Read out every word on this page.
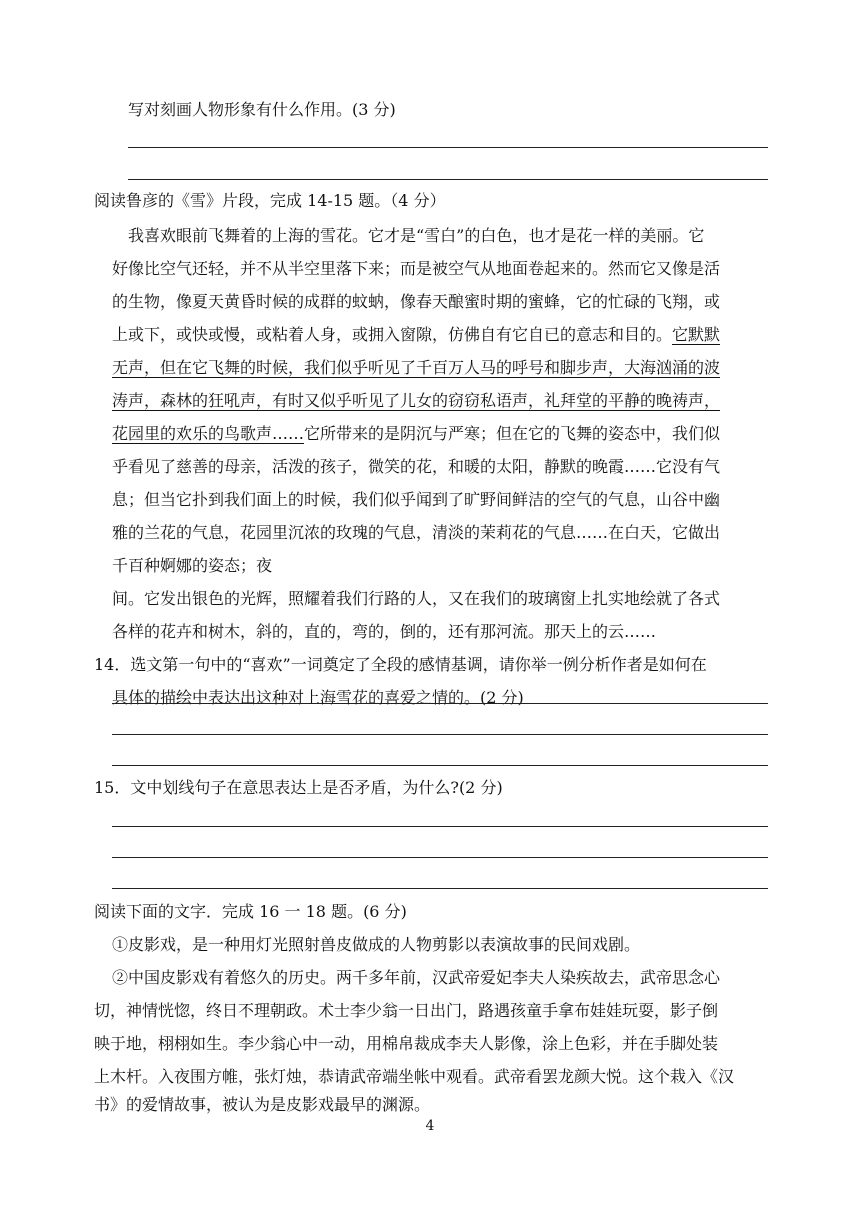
写对刻画人物形象有什么作用。(3 分)
阅读鲁彦的《雪》片段，完成 14-15 题。（4 分）
我喜欢眼前飞舞着的上海的雪花。它才是“雪白”的白色，也才是花一样的美丽。它
好像比空气还轻，并不从半空里落下来；而是被空气从地面卷起来的。然而它又像是活
的生物，像夏天黄昏时候的成群的蚊蚋，像春天酿蜜时期的蜜蜂，它的忙碌的飞翔，或
上或下，或快或慢，或粘着人身，或拥入窗隙，仿佛自有它自已的意志和目的。它默默
无声，但在它飞舞的时候，我们似乎听见了千百万人马的呼号和脚步声，大海汹涌的波
涛声，森林的狂吼声，有时又似乎听见了儿女的窃窃私语声，礼拜堂的平静的晚祷声，
花园里的欢乐的鸟歌声……它所带来的是阴沉与严寒；但在它的飞舞的姿态中，我们似
乎看见了慈善的母亲，活泼的孩子，微笑的花，和暖的太阳，静默的晚霞……它没有气
息；但当它扑到我们面上的时候，我们似乎闻到了旷野间鲜洁的空气的气息，山谷中幽
雅的兰花的气息，花园里沉浓的玫瑰的气息，清淡的茉莉花的气息……在白天，它做出
千百种婀娜的姿态；夜
间。它发出银色的光辉，照耀着我们行路的人，又在我们的玻璃窗上扎实地绘就了各式
各样的花卉和树木，斜的，直的，弯的，倒的，还有那河流。那天上的云……
14．选文第一句中的“喜欢”一词奠定了全段的感情基调，请你举一例分析作者是如何在
具体的描绘中表达出这种对上海雪花的喜爱之情的。(2 分)
15．文中划线句子在意思表达上是否矛盾，为什么?(2 分)
阅读下面的文字．完成 16 一 18 题。(6 分)
①皮影戏，是一种用灯光照射兽皮做成的人物剪影以表演故事的民间戏剧。
②中国皮影戏有着悠久的历史。两千多年前，汉武帝爱妃李夫人染疾故去，武帝思念心
切，神情恍惚，终日不理朝政。术士李少翁一日出门，路遇孩童手拿布娃娃玩耍，影子倒
映于地，栩栩如生。李少翁心中一动，用棉帛裁成李夫人影像，涂上色彩，并在手脚处装
上木杆。入夜围方帷，张灯烛，恭请武帝端坐帐中观看。武帝看罢龙颜大悦。这个栽入《汉
书》的爱情故事，被认为是皮影戏最早的渊源。
4
